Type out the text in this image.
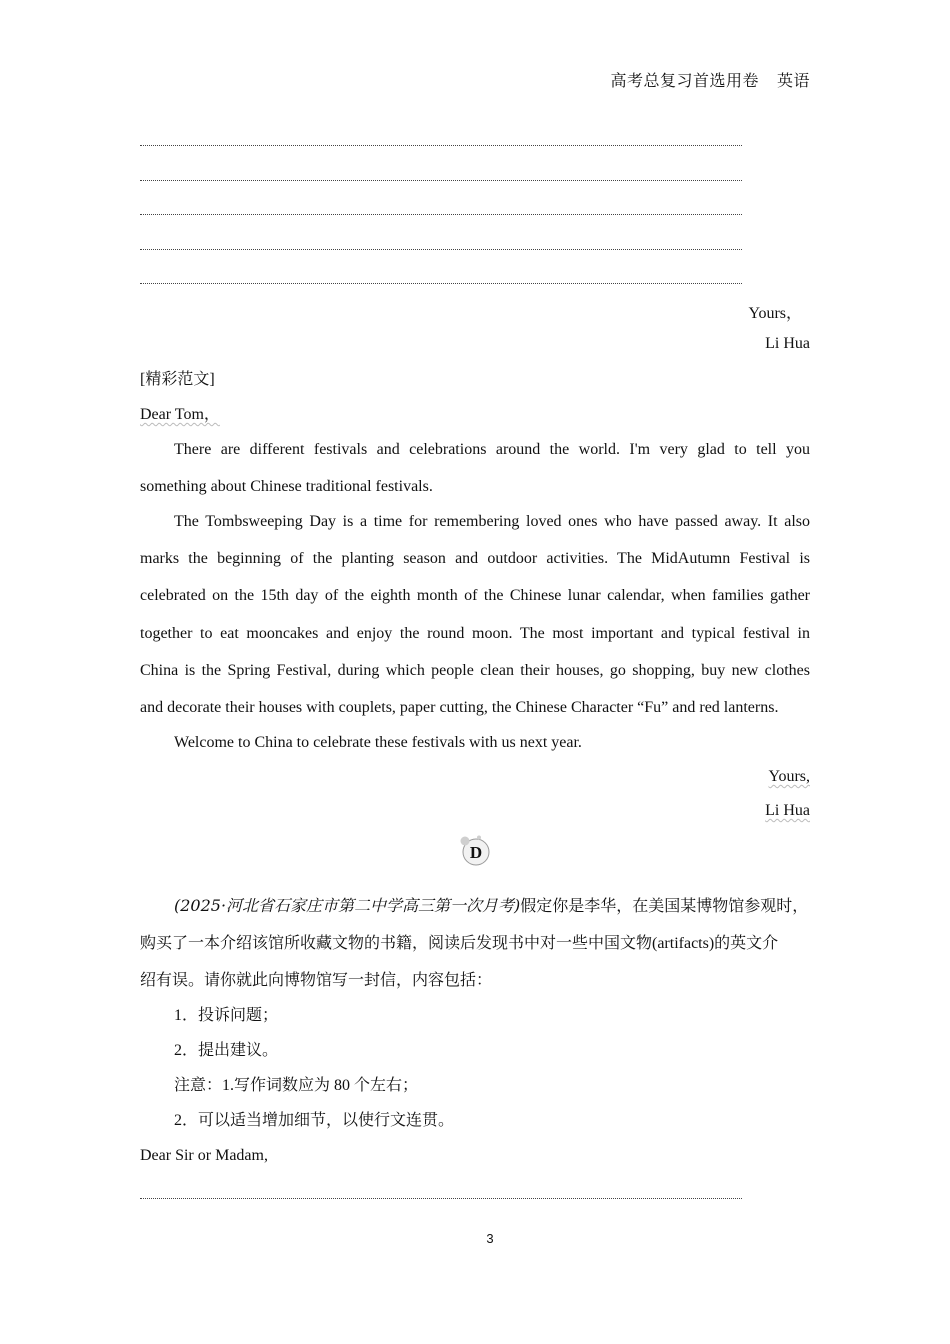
高考总复习首选用卷 英语
Yours，
Li Hua
[精彩范文]
Dear Tom，
There are different festivals and celebrations around the world. I'm very glad to tell you
something about Chinese traditional festivals.
The Tombsweeping Day is a time for remembering loved ones who have passed away. It also
marks the beginning of the planting season and outdoor activities. The MidAutumn Festival is
celebrated on the 15th day of the eighth month of the Chinese lunar calendar, when families gather
together to eat mooncakes and enjoy the round moon. The most important and typical festival in
China is the Spring Festival, during which people clean their houses, go shopping, buy new clothes
and decorate their houses with couplets, paper cutting, the Chinese Character “Fu” and red lanterns.
Welcome to China to celebrate these festivals with us next year.
Yours,
Li Hua
D
(2025·河北省石家庄市第二中学高三第一次月考)假定你是李华，在美国某博物馆参观时，
购买了一本介绍该馆所收藏文物的书籍，阅读后发现书中对一些中国文物(artifacts)的英文介
绍有误。请你就此向博物馆写一封信，内容包括：
1．投诉问题；
2．提出建议。
注意：1.写作词数应为 80 个左右；
2．可以适当增加细节，以使行文连贯。
Dear Sir or Madam,
3
